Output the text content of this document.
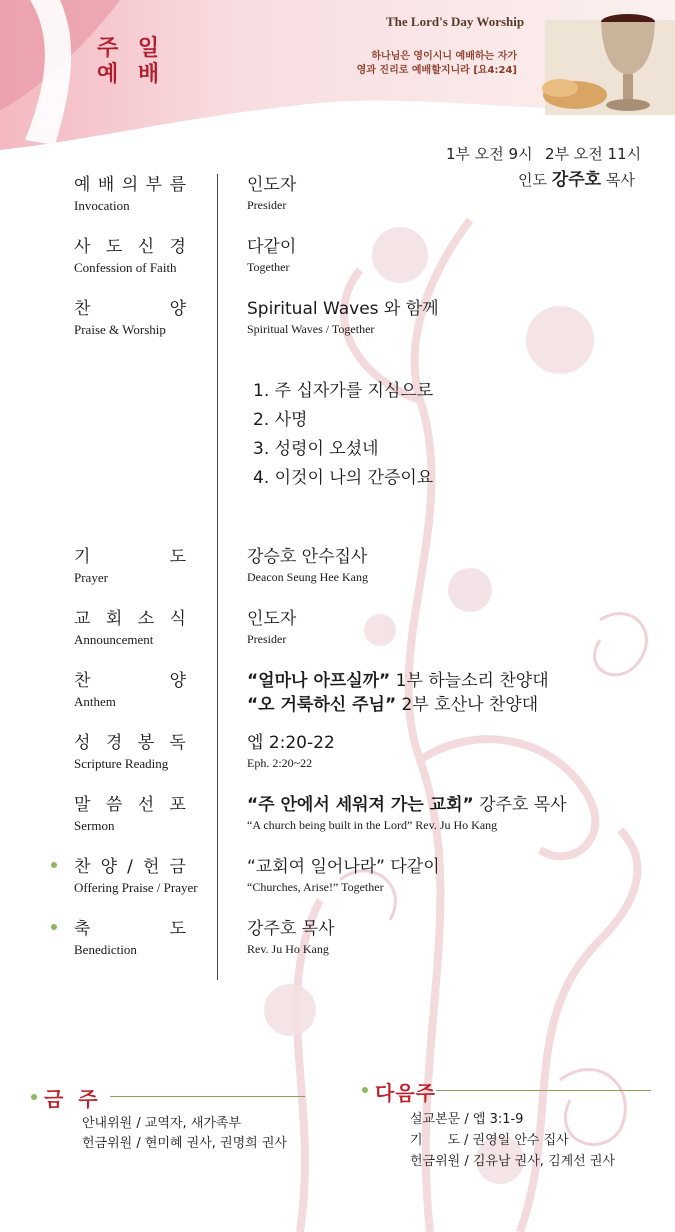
주 일
예 배
The Lord's Day Worship
하나님은 영이시니 예배하는 자가
영과 진리로 예배할지니라 [요4:24]
1부 오전 9시 2부 오전 11시
인도 강주호 목사
예 배 의 부 름
Invocation
인도자
Presider
사 도 신 경
Confession of Faith
다같이
Together
찬	양
Praise & Worship
Spiritual Waves 와 함께
Spiritual Waves / Together
1. 주 십자가를 지심으로
2. 사명
3. 성령이 오셨네
4. 이것이 나의 간증이요
기	도
Prayer
강승호 안수집사
Deacon Seung Hee Kang
교 회 소 식
Announcement
인도자
Presider
찬	양
Anthem
“얼마나 아프실까” 1부 하늘소리 찬양대
“오 거룩하신 주님” 2부 호산나 찬양대
성 경 봉 독
Scripture Reading
엡 2:20-22
Eph. 2:20~22
말 씀 선 포
Sermon
“주 안에서 세워져 가는 교회” 강주호 목사
“A church being built in the Lord” Rev. Ju Ho Kang
찬 양 / 헌 금
Offering Praise / Prayer
“교회여 일어나라” 다같이
“Churches, Arise!” Together
축	도
Benediction
강주호 목사
Rev. Ju Ho Kang
금 주
안내위원 / 교역자, 새가족부
헌금위원 / 현미혜 권사, 권명희 권사
다음주
설교본문 / 엡 3:1-9
기      도 / 권영일 안수 집사
헌금위원 / 김유남 권사, 김계선 권사
